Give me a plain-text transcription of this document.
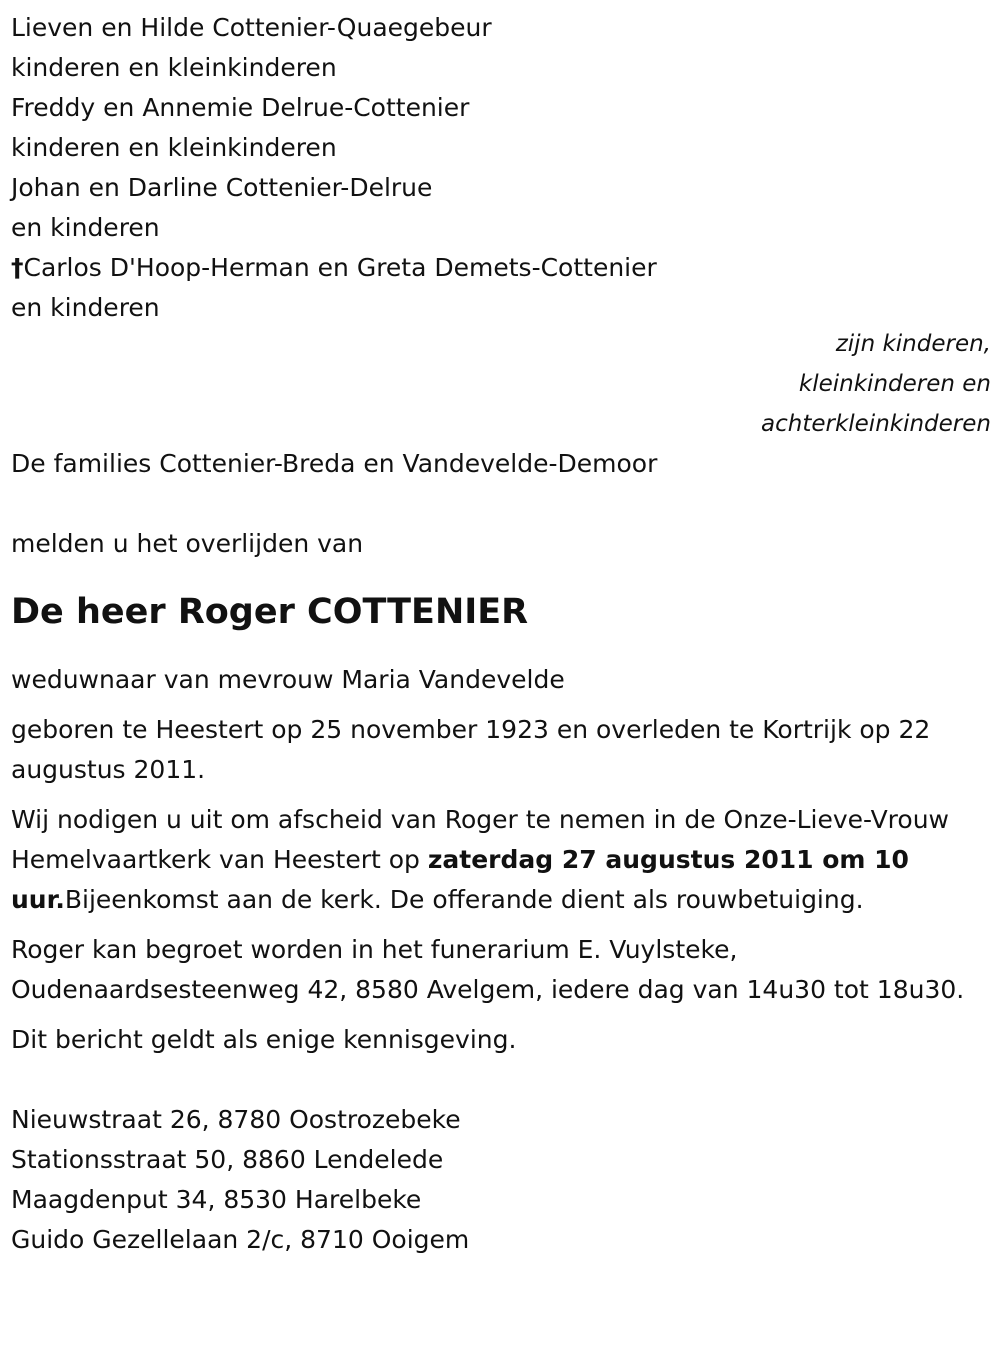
Lieven en Hilde Cottenier-Quaegebeur
kinderen en kleinkinderen
Freddy en Annemie Delrue-Cottenier
kinderen en kleinkinderen
Johan en Darline Cottenier-Delrue
en kinderen
†Carlos D'Hoop-Herman en Greta Demets-Cottenier
en kinderen
zijn kinderen,
kleinkinderen en
achterkleinkinderen
De families Cottenier-Breda en Vandevelde-Demoor
melden u het overlijden van
De heer Roger COTTENIER
weduwnaar van mevrouw Maria Vandevelde
geboren te Heestert op 25 november 1923 en overleden te Kortrijk op 22 augustus 2011.
Wij nodigen u uit om afscheid van Roger te nemen in de Onze-Lieve-Vrouw Hemelvaartkerk van Heestert op zaterdag 27 augustus 2011 om 10 uur.Bijeenkomst aan de kerk. De offerande dient als rouwbetuiging.
Roger kan begroet worden in het funerarium E. Vuylsteke, Oudenaardsesteenweg 42, 8580 Avelgem, iedere dag van 14u30 tot 18u30.
Dit bericht geldt als enige kennisgeving.
Nieuwstraat 26, 8780 Oostrozebeke
Stationsstraat 50, 8860 Lendelede
Maagdenput 34, 8530 Harelbeke
Guido Gezellelaan 2/c, 8710 Ooigem
